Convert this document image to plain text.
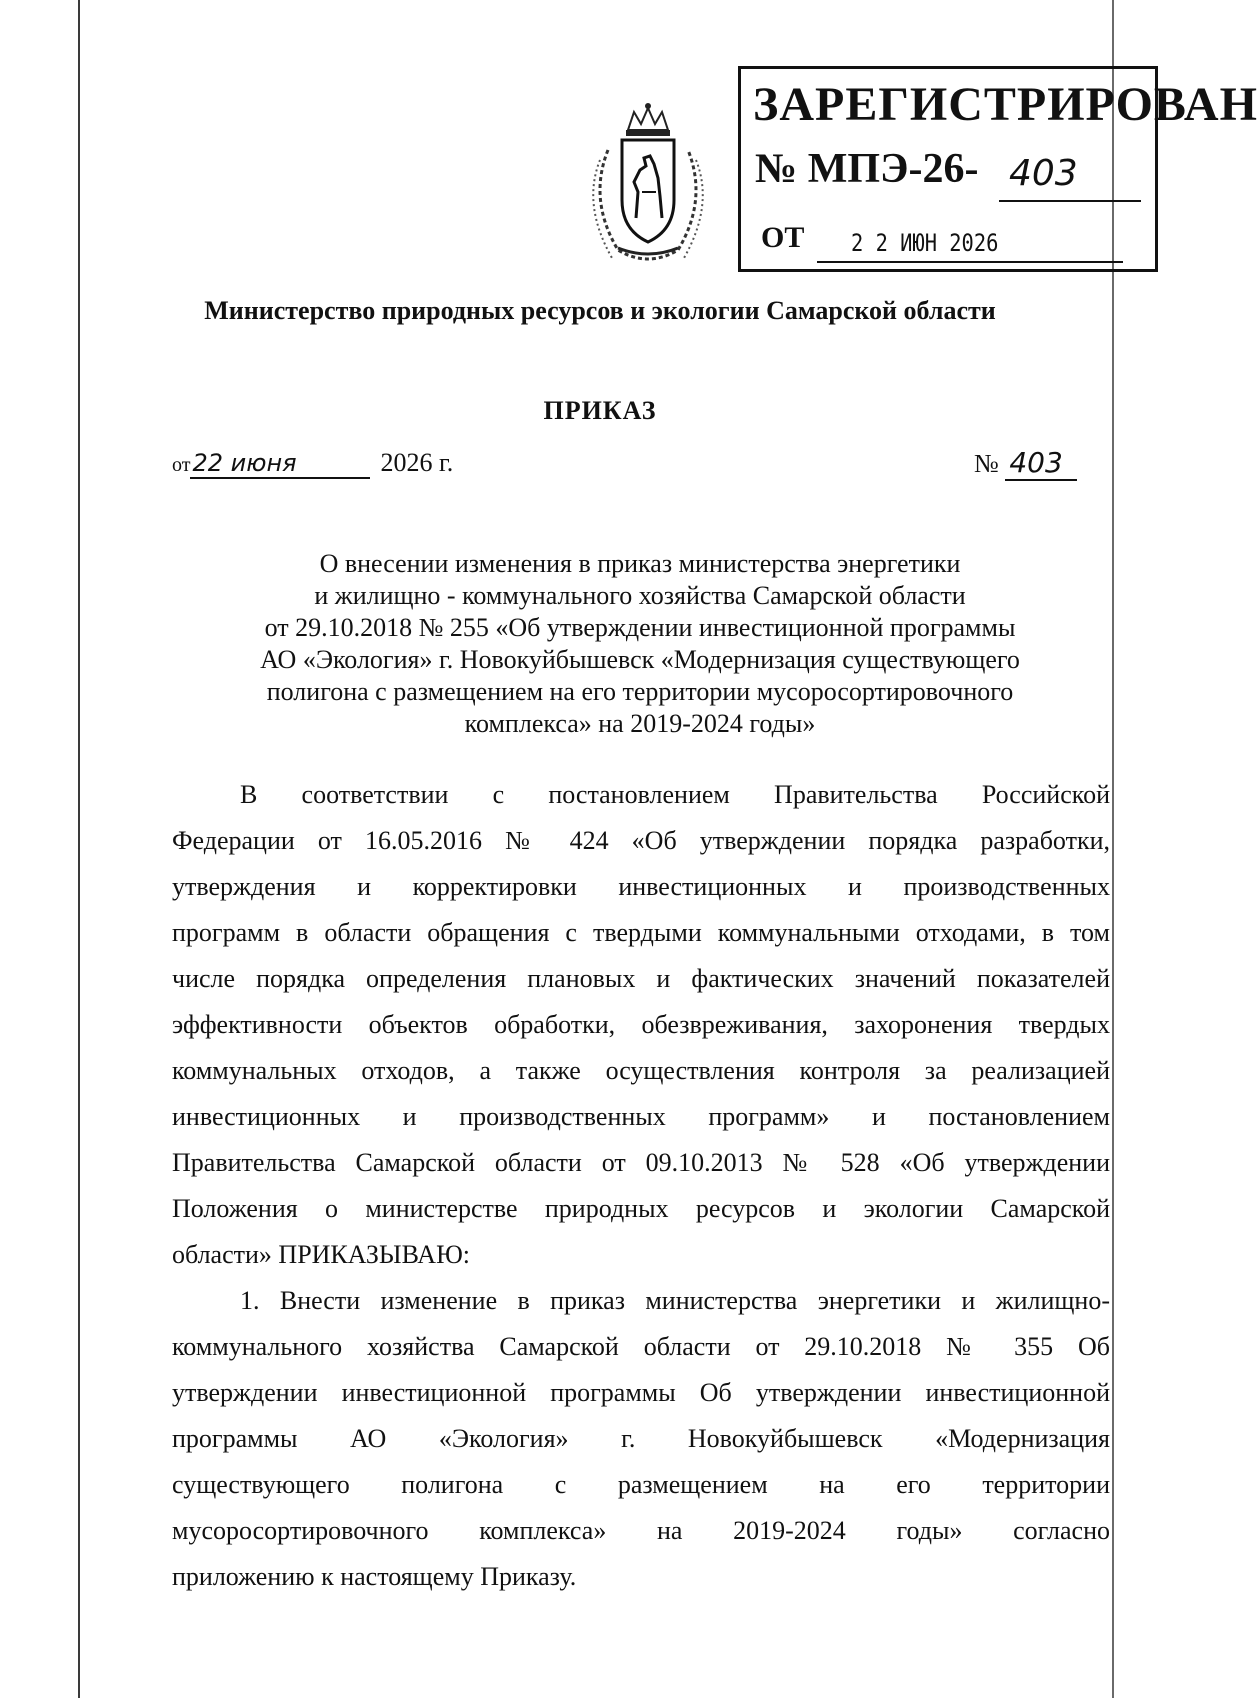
ЗАРЕГИСТРИРОВАН
№ МПЭ-26- 403
ОТ 2 2 ИЮН 2026
Министерство природных ресурсов и экологии Самарской области
ПРИКАЗ
от22 июня	2026 г.	№ 403
О внесении изменения в приказ министерства энергетики
и жилищно - коммунального хозяйства Самарской области
от 29.10.2018 № 255 «Об утверждении инвестиционной программы
АО «Экология» г. Новокуйбышевск «Модернизация существующего
полигона с размещением на его территории мусоросортировочного
комплекса» на 2019-2024 годы»
В соответствии с постановлением Правительства Российской
Федерации от 16.05.2016 № 424 «Об утверждении порядка разработки,
утверждения и корректировки инвестиционных и производственных
программ в области обращения с твердыми коммунальными отходами, в том
числе порядка определения плановых и фактических значений показателей
эффективности объектов обработки, обезвреживания, захоронения твердых
коммунальных отходов, а также осуществления контроля за реализацией
инвестиционных и производственных программ» и постановлением
Правительства Самарской области от 09.10.2013 № 528 «Об утверждении
Положения о министерстве природных ресурсов и экологии Самарской
области» ПРИКАЗЫВАЮ:
1. Внести изменение в приказ министерства энергетики и жилищно-
коммунального хозяйства Самарской области от 29.10.2018 № 355 Об
утверждении инвестиционной программы Об утверждении инвестиционной
программы АО «Экология» г. Новокуйбышевск «Модернизация
существующего полигона с размещением на его территории
мусоросортировочного комплекса» на 2019-2024 годы» согласно
приложению к настоящему Приказу.
